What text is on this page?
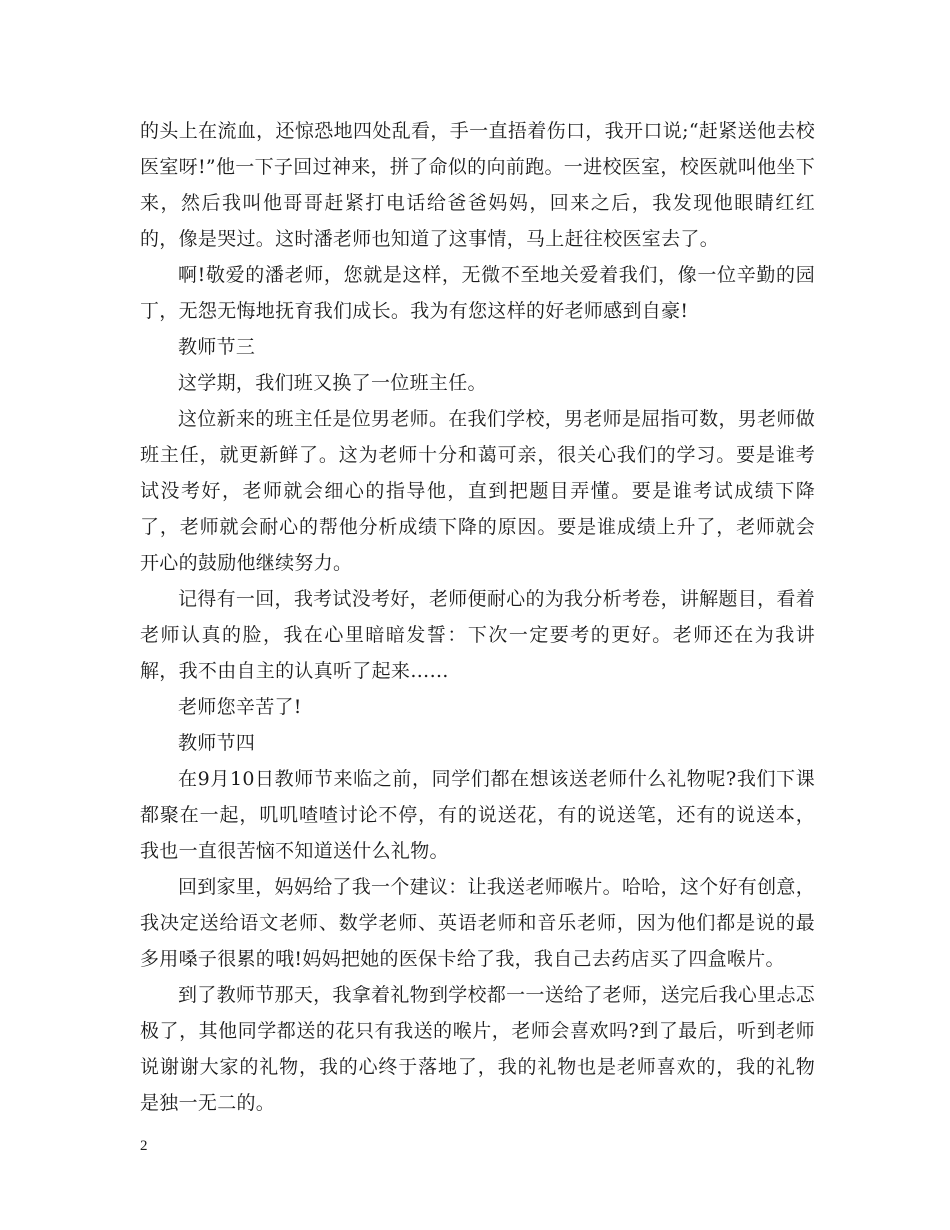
的头上在流血，还惊恐地四处乱看，手一直捂着伤口，我开口说;“赶紧送他去校医室呀!”他一下子回过神来，拼了命似的向前跑。一进校医室，校医就叫他坐下来，然后我叫他哥哥赶紧打电话给爸爸妈妈，回来之后，我发现他眼睛红红的，像是哭过。这时潘老师也知道了这事情，马上赶往校医室去了。

啊!敬爱的潘老师，您就是这样，无微不至地关爱着我们，像一位辛勤的园丁，无怨无悔地抚育我们成长。我为有您这样的好老师感到自豪!

教师节三

这学期，我们班又换了一位班主任。

这位新来的班主任是位男老师。在我们学校，男老师是屈指可数，男老师做班主任，就更新鲜了。这为老师十分和蔼可亲，很关心我们的学习。要是谁考试没考好，老师就会细心的指导他，直到把题目弄懂。要是谁考试成绩下降了，老师就会耐心的帮他分析成绩下降的原因。要是谁成绩上升了，老师就会开心的鼓励他继续努力。

记得有一回，我考试没考好，老师便耐心的为我分析考卷，讲解题目，看着老师认真的脸，我在心里暗暗发誓：下次一定要考的更好。老师还在为我讲解，我不由自主的认真听了起来……

老师您辛苦了!

教师节四

在9月10日教师节来临之前，同学们都在想该送老师什么礼物呢?我们下课都聚在一起，叽叽喳喳讨论不停，有的说送花，有的说送笔，还有的说送本，我也一直很苦恼不知道送什么礼物。

回到家里，妈妈给了我一个建议：让我送老师喉片。哈哈，这个好有创意，我决定送给语文老师、数学老师、英语老师和音乐老师，因为他们都是说的最多用嗓子很累的哦!妈妈把她的医保卡给了我，我自己去药店买了四盒喉片。

到了教师节那天，我拿着礼物到学校都一一送给了老师，送完后我心里忐忑极了，其他同学都送的花只有我送的喉片，老师会喜欢吗?到了最后，听到老师说谢谢大家的礼物，我的心终于落地了，我的礼物也是老师喜欢的，我的礼物是独一无二的。

2
